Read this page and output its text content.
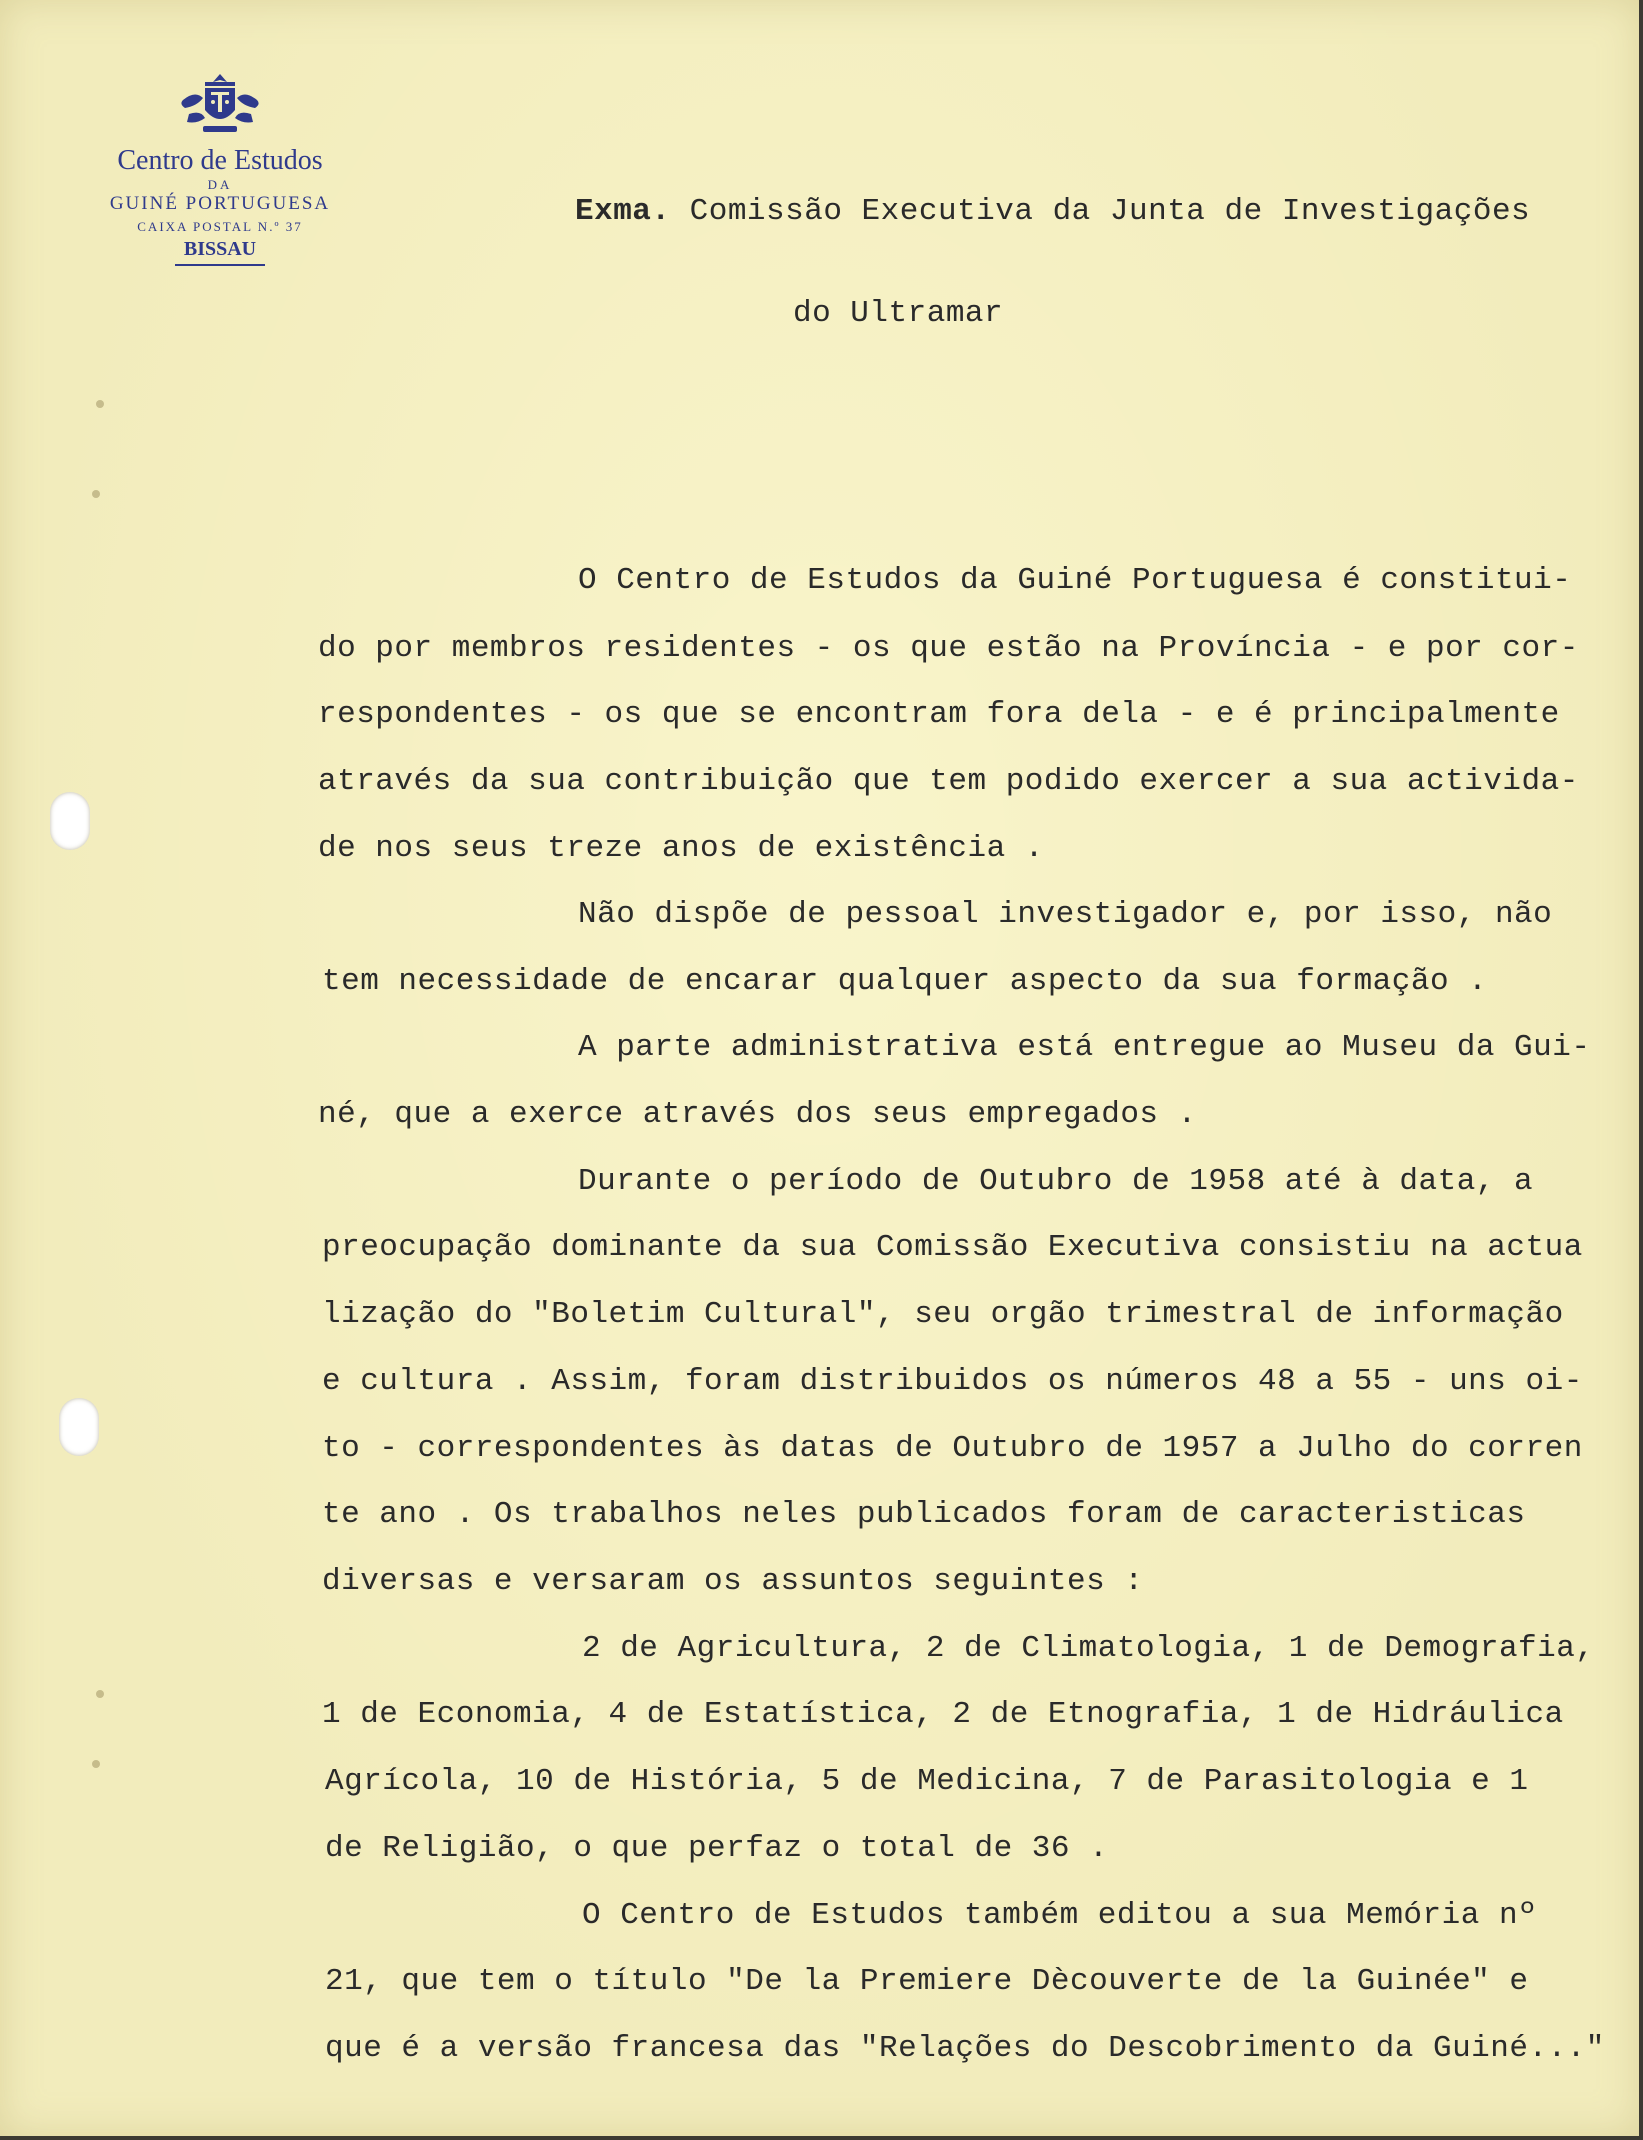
Centro de Estudos
DA
GUINÉ PORTUGUESA
CAIXA POSTAL N.º 37
BISSAU
Exma. Comissão Executiva da Junta de Investigações
do Ultramar
O Centro de Estudos da Guiné Portuguesa é constitui-
do por membros residentes - os que estão na Província - e por cor-
respondentes - os que se encontram fora dela - e é principalmente
através da sua contribuição que tem podido exercer a sua activida-
de nos seus treze anos de existência .
Não dispõe de pessoal investigador e, por isso, não
tem necessidade de encarar qualquer aspecto da sua formação .
A parte administrativa está entregue ao Museu da Gui-
né, que a exerce através dos seus empregados .
Durante o período de Outubro de 1958 até à data, a
preocupação dominante da sua Comissão Executiva consistiu na actua
lização do "Boletim Cultural", seu orgão trimestral de informação
e cultura . Assim, foram distribuidos os números 48 a 55 - uns oi-
to - correspondentes às datas de Outubro de 1957 a Julho do corren
te ano . Os trabalhos neles publicados foram de caracteristicas
diversas e versaram os assuntos seguintes :
2 de Agricultura, 2 de Climatologia, 1 de Demografia,
1 de Economia, 4 de Estatística, 2 de Etnografia, 1 de Hidráulica
Agrícola, 10 de História, 5 de Medicina, 7 de Parasitologia e 1
de Religião, o que perfaz o total de 36 .
O Centro de Estudos também editou a sua Memória nº
21, que tem o título "De la Premiere Dècouverte de la Guinée" e
que é a versão francesa das "Relações do Descobrimento da Guiné..."
